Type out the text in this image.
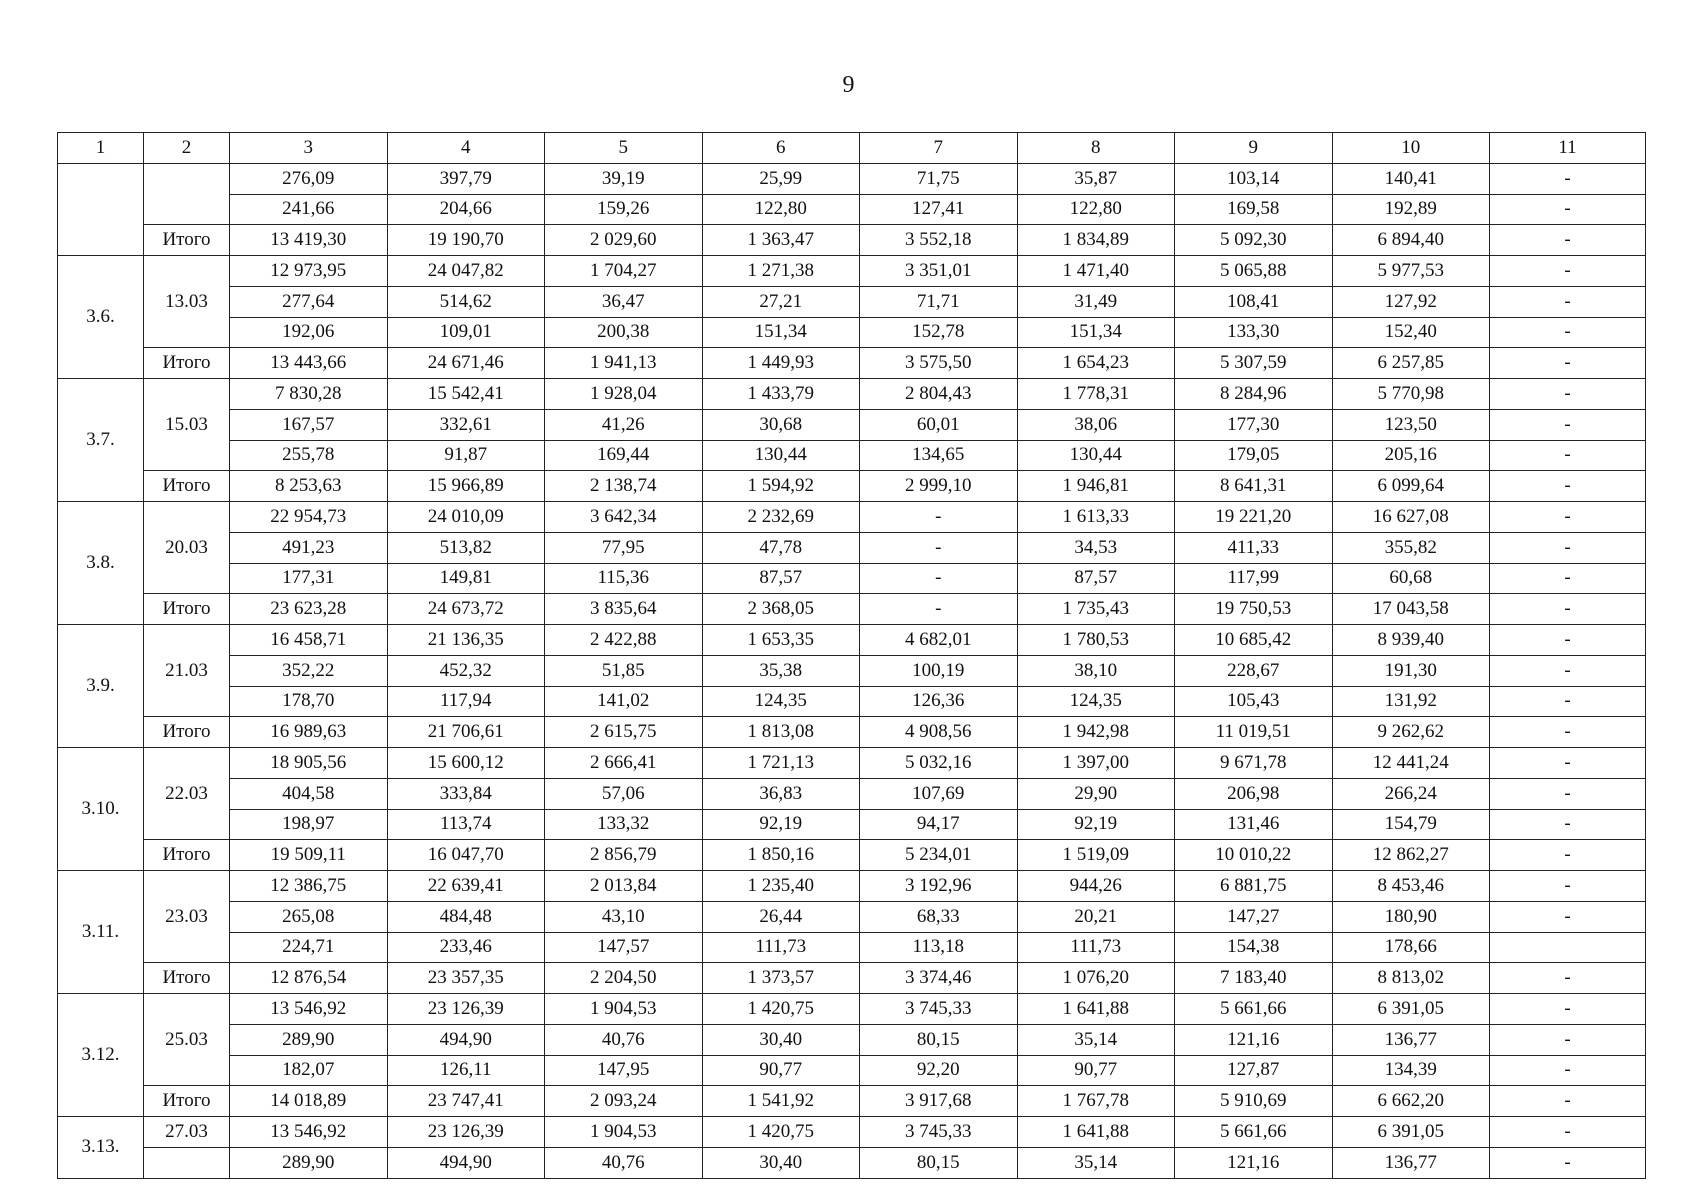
9
1	2	3	4	5	6	7	8	9	10	11
		276,09	397,79	39,19	25,99	71,75	35,87	103,14	140,41	-
		241,66	204,66	159,26	122,80	127,41	122,80	169,58	192,89	-
	Итого	13 419,30	19 190,70	2 029,60	1 363,47	3 552,18	1 834,89	5 092,30	6 894,40	-
3.6.	13.03	12 973,95	24 047,82	1 704,27	1 271,38	3 351,01	1 471,40	5 065,88	5 977,53	-
		277,64	514,62	36,47	27,21	71,71	31,49	108,41	127,92	-
		192,06	109,01	200,38	151,34	152,78	151,34	133,30	152,40	-
	Итого	13 443,66	24 671,46	1 941,13	1 449,93	3 575,50	1 654,23	5 307,59	6 257,85	-
3.7.	15.03	7 830,28	15 542,41	1 928,04	1 433,79	2 804,43	1 778,31	8 284,96	5 770,98	-
		167,57	332,61	41,26	30,68	60,01	38,06	177,30	123,50	-
		255,78	91,87	169,44	130,44	134,65	130,44	179,05	205,16	-
	Итого	8 253,63	15 966,89	2 138,74	1 594,92	2 999,10	1 946,81	8 641,31	6 099,64	-
3.8.	20.03	22 954,73	24 010,09	3 642,34	2 232,69	-	1 613,33	19 221,20	16 627,08	-
		491,23	513,82	77,95	47,78	-	34,53	411,33	355,82	-
		177,31	149,81	115,36	87,57	-	87,57	117,99	60,68	-
	Итого	23 623,28	24 673,72	3 835,64	2 368,05	-	1 735,43	19 750,53	17 043,58	-
3.9.	21.03	16 458,71	21 136,35	2 422,88	1 653,35	4 682,01	1 780,53	10 685,42	8 939,40	-
		352,22	452,32	51,85	35,38	100,19	38,10	228,67	191,30	-
		178,70	117,94	141,02	124,35	126,36	124,35	105,43	131,92	-
	Итого	16 989,63	21 706,61	2 615,75	1 813,08	4 908,56	1 942,98	11 019,51	9 262,62	-
3.10.	22.03	18 905,56	15 600,12	2 666,41	1 721,13	5 032,16	1 397,00	9 671,78	12 441,24	-
		404,58	333,84	57,06	36,83	107,69	29,90	206,98	266,24	-
		198,97	113,74	133,32	92,19	94,17	92,19	131,46	154,79	-
	Итого	19 509,11	16 047,70	2 856,79	1 850,16	5 234,01	1 519,09	10 010,22	12 862,27	-
3.11.	23.03	12 386,75	22 639,41	2 013,84	1 235,40	3 192,96	944,26	6 881,75	8 453,46	-
		265,08	484,48	43,10	26,44	68,33	20,21	147,27	180,90	-
		224,71	233,46	147,57	111,73	113,18	111,73	154,38	178,66	
	Итого	12 876,54	23 357,35	2 204,50	1 373,57	3 374,46	1 076,20	7 183,40	8 813,02	-
3.12.	25.03	13 546,92	23 126,39	1 904,53	1 420,75	3 745,33	1 641,88	5 661,66	6 391,05	-
		289,90	494,90	40,76	30,40	80,15	35,14	121,16	136,77	-
		182,07	126,11	147,95	90,77	92,20	90,77	127,87	134,39	-
	Итого	14 018,89	23 747,41	2 093,24	1 541,92	3 917,68	1 767,78	5 910,69	6 662,20	-
3.13.	27.03	13 546,92	23 126,39	1 904,53	1 420,75	3 745,33	1 641,88	5 661,66	6 391,05	-
		289,90	494,90	40,76	30,40	80,15	35,14	121,16	136,77	-
